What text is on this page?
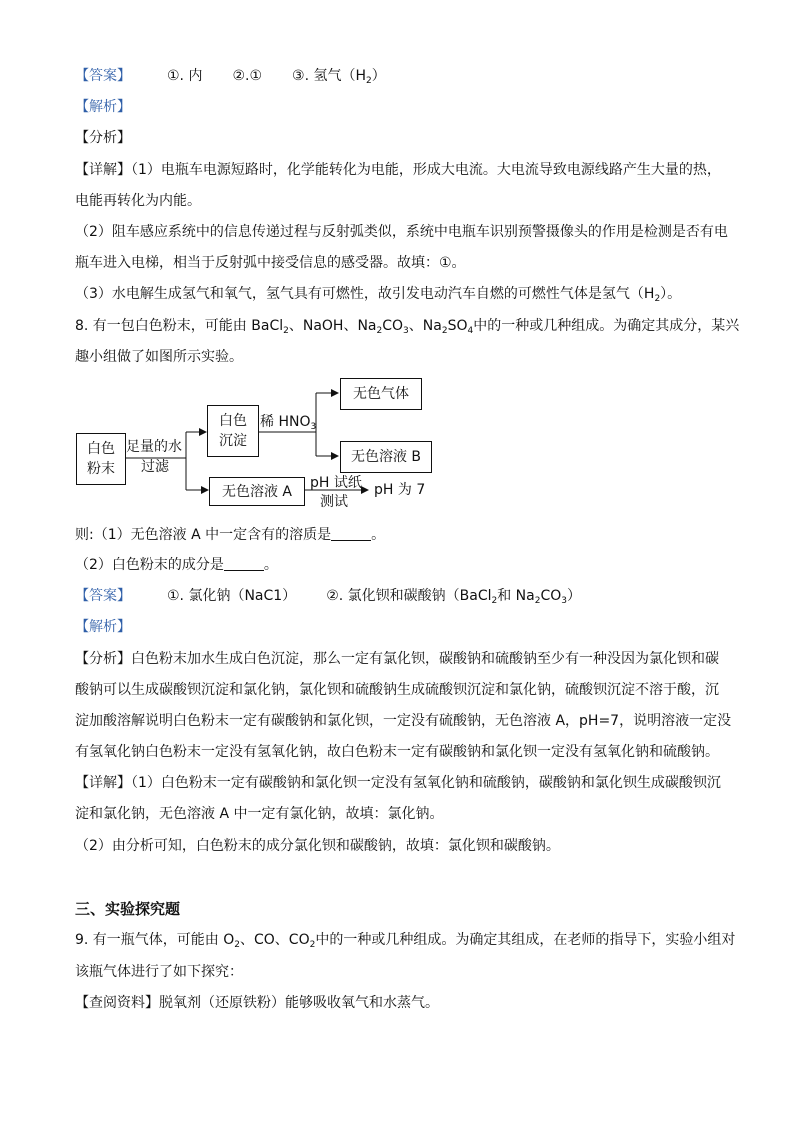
【答案】	①. 内 ②.① ③. 氢气$(H_2)$
【解析】
【分析】
【详解】（1）电瓶车电源短路时，化学能转化为电能，形成大电流。大电流导致电源线路产生大量的热，
电能再转化为内能。
（2）阻车感应系统中的信息传递过程与反射弧类似，系统中电瓶车识别预警摄像头的作用是检测是否有电
瓶车进入电梯，相当于反射弧中接受信息的感受器。故填：①。
（3）水电解生成氢气和氧气，氢气具有可燃性，故引发电动汽车自燃的可燃性气体是氢气$(H_2)$。
8. 有一包白色粉末，可能由 BaCl$_2$、NaOH、$Na_2CO_3$、$Na_2SO_4$中的一种或几种组成。为确定其成分，某兴
趣小组做了如图所示实验。
白色
粉末
足量的水
过滤
白色
沉淀
稀 $HNO_3$
无色气体
无色溶液 B
无色溶液 A
pH 试纸
测试
pH 为 7
则:（1）无色溶液 A 中一定含有的溶质是	。
（2）白色粉末的成分是	。
【答案】	①. 氯化钠（NaC1） ②. 氯化钡和碳酸钠（BaCl$_2$和 $Na_2CO_3$）
【解析】
【分析】白色粉末加水生成白色沉淀，那么一定有氯化钡，碳酸钠和硫酸钠至少有一种没因为氯化钡和碳
酸钠可以生成碳酸钡沉淀和氯化钠，氯化钡和硫酸钠生成硫酸钡沉淀和氯化钠，硫酸钡沉淀不溶于酸，沉
淀加酸溶解说明白色粉末一定有碳酸钠和氯化钡，一定没有硫酸钠，无色溶液 A，pH=7，说明溶液一定没
有氢氧化钠白色粉末一定没有氢氧化钠，故白色粉末一定有碳酸钠和氯化钡一定没有氢氧化钠和硫酸钠。
【详解】（1）白色粉末一定有碳酸钠和氯化钡一定没有氢氧化钠和硫酸钠，碳酸钠和氯化钡生成碳酸钡沉
淀和氯化钠，无色溶液 A 中一定有氯化钠，故填：氯化钠。
（2）由分析可知，白色粉末的成分氯化钡和碳酸钠，故填：氯化钡和碳酸钠。
三、实验探究题
9. 有一瓶气体，可能由 $O_2$、CO、$CO_2$中的一种或几种组成。为确定其组成，在老师的指导下，实验小组对
该瓶气体进行了如下探究：
【查阅资料】脱氧剂（还原铁粉）能够吸收氧气和水蒸气。
